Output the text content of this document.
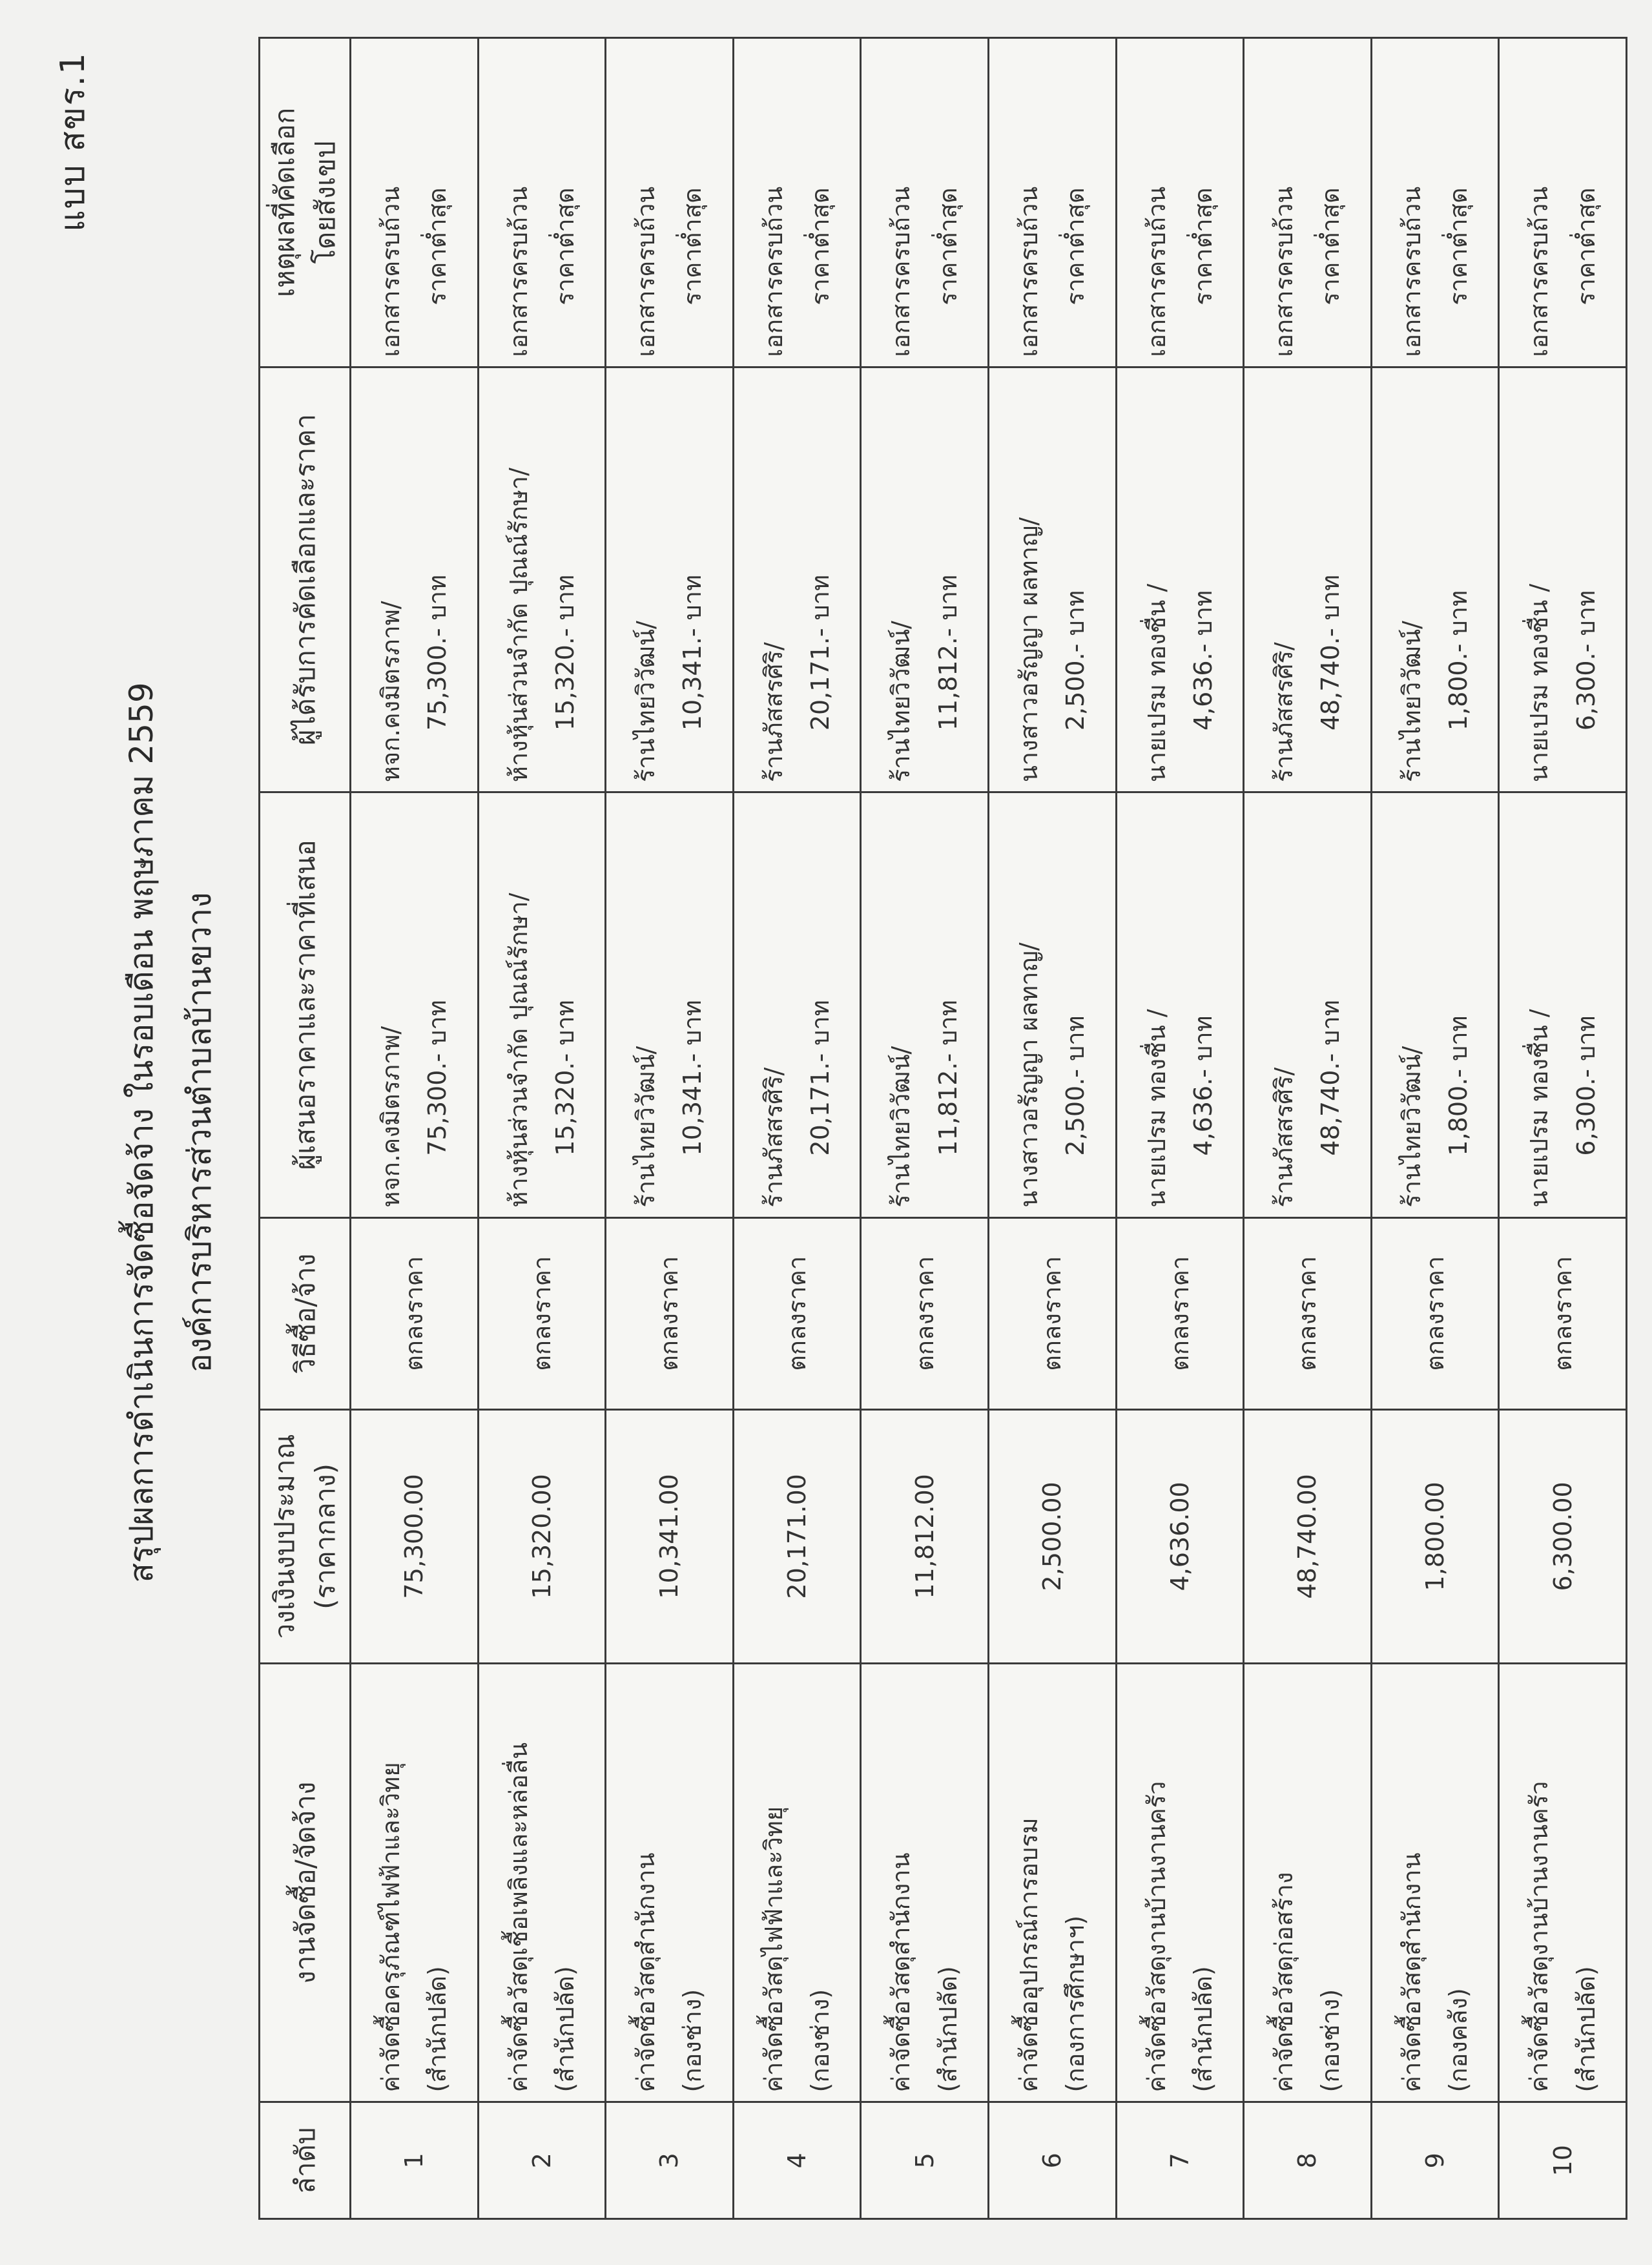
แบบ สขร.1
สรุปผลการดำเนินการจัดซื้อจัดจ้าง ในรอบเดือน พฤษภาคม 2559 องค์การบริหารส่วนตำบลบ้านขวาง
ลำดับ	งานจัดซื้อ/จัดจ้าง	วงเงินงบประมาณ (ราคากลาง)	วิธีซื้อ/จ้าง	ผู้เสนอราคาและราคาที่เสนอ	ผู้ได้รับการคัดเลือกและราคา	เหตุผลที่คัดเลือก โดยสังเขป

1	ค่าจัดซื้อครุภัณฑ์ไฟฟ้าและวิทยุ (สำนักปลัด)	75,300.00	ตกลงราคา	หจก.คงมิตรภาพ/ 75,300.- บาท	หจก.คงมิตรภาพ/ 75,300.- บาท	เอกสารครบถ้วน ราคาต่ำสุด

2	ค่าจัดซื้อวัสดุเชื้อเพลิงและหล่อลื่น (สำนักปลัด)	15,320.00	ตกลงราคา	ห้างหุ้นส่วนจำกัด ปุณณ์รักษา/ 15,320.- บาท	ห้างหุ้นส่วนจำกัด ปุณณ์รักษา/ 15,320.- บาท	เอกสารครบถ้วน ราคาต่ำสุด

3	ค่าจัดซื้อวัสดุสำนักงาน (กองช่าง)	10,341.00	ตกลงราคา	ร้านไทยวิวัฒน์/ 10,341.- บาท	ร้านไทยวิวัฒน์/ 10,341.- บาท	เอกสารครบถ้วน ราคาต่ำสุด

4	ค่าจัดซื้อวัสดุไฟฟ้าและวิทยุ (กองช่าง)	20,171.00	ตกลงราคา	ร้านภัสสรศิริ/ 20,171.- บาท	ร้านภัสสรศิริ/ 20,171.- บาท	เอกสารครบถ้วน ราคาต่ำสุด

5	ค่าจัดซื้อวัสดุสำนักงาน (สำนักปลัด)	11,812.00	ตกลงราคา	ร้านไทยวิวัฒน์/ 11,812.- บาท	ร้านไทยวิวัฒน์/ 11,812.- บาท	เอกสารครบถ้วน ราคาต่ำสุด

6	ค่าจัดซื้ออุปกรณ์การอบรม (กองการศึกษาฯ)	2,500.00	ตกลงราคา	นางสาวอรัญญา ผลทาญ/ 2,500.- บาท	นางสาวอรัญญา ผลทาญ/ 2,500.- บาท	เอกสารครบถ้วน ราคาต่ำสุด

7	ค่าจัดซื้อวัสดุงานบ้านงานครัว (สำนักปลัด)	4,636.00	ตกลงราคา	นายเปรม ทองชื่น / 4,636.- บาท	นายเปรม ทองชื่น / 4,636.- บาท	เอกสารครบถ้วน ราคาต่ำสุด

8	ค่าจัดซื้อวัสดุก่อสร้าง (กองช่าง)	48,740.00	ตกลงราคา	ร้านภัสสรศิริ/ 48,740.- บาท	ร้านภัสสรศิริ/ 48,740.- บาท	เอกสารครบถ้วน ราคาต่ำสุด

9	ค่าจัดซื้อวัสดุสำนักงาน (กองคลัง)	1,800.00	ตกลงราคา	ร้านไทยวิวัฒน์/ 1,800.- บาท	ร้านไทยวิวัฒน์/ 1,800.- บาท	เอกสารครบถ้วน ราคาต่ำสุด

10	ค่าจัดซื้อวัสดุงานบ้านงานครัว (สำนักปลัด)	6,300.00	ตกลงราคา	นายเปรม ทองชื่น / 6,300.- บาท	นายเปรม ทองชื่น / 6,300.- บาท	เอกสารครบถ้วน ราคาต่ำสุด
